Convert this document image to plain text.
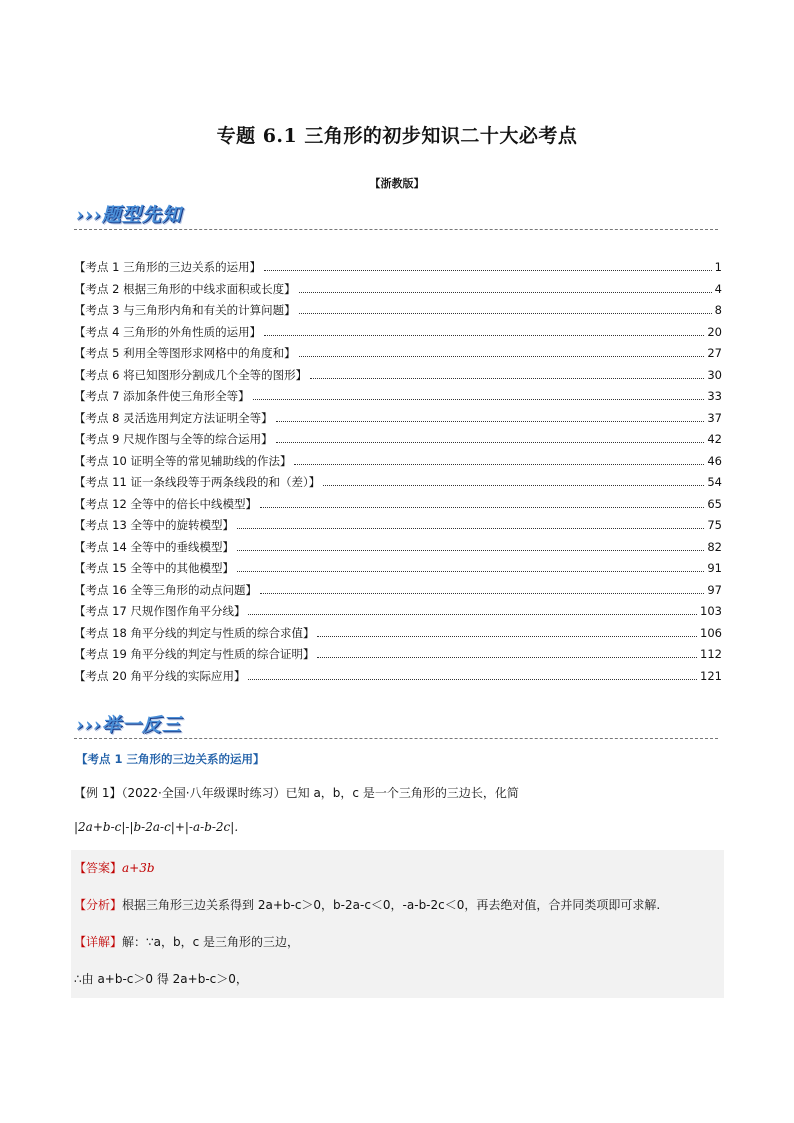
专题 6.1 三角形的初步知识二十大必考点
【浙教版】
›››题型先知
【考点 1 三角形的三边关系的运用】	1
【考点 2 根据三角形的中线求面积或长度】	4
【考点 3 与三角形内角和有关的计算问题】	8
【考点 4 三角形的外角性质的运用】	20
【考点 5 利用全等图形求网格中的角度和】	27
【考点 6 将已知图形分割成几个全等的图形】	30
【考点 7 添加条件使三角形全等】	33
【考点 8 灵活选用判定方法证明全等】	37
【考点 9 尺规作图与全等的综合运用】	42
【考点 10 证明全等的常见辅助线的作法】	46
【考点 11 证一条线段等于两条线段的和（差）】	54
【考点 12 全等中的倍长中线模型】	65
【考点 13 全等中的旋转模型】	75
【考点 14 全等中的垂线模型】	82
【考点 15 全等中的其他模型】	91
【考点 16 全等三角形的动点问题】	97
【考点 17 尺规作图作角平分线】	103
【考点 18 角平分线的判定与性质的综合求值】	106
【考点 19 角平分线的判定与性质的综合证明】	112
【考点 20 角平分线的实际应用】	121
›››举一反三
【考点 1 三角形的三边关系的运用】
【例 1】（2022·全国·八年级课时练习）已知 a，b，c 是一个三角形的三边长，化简
|2a+b-c|-|b-2a-c|+|-a-b-2c|.
【答案】a+3b
【分析】根据三角形三边关系得到 2a+b-c＞0，b-2a-c＜0，-a-b-2c＜0，再去绝对值，合并同类项即可求解.
【详解】解：∵a，b，c 是三角形的三边，
∴由 a+b-c＞0 得 2a+b-c＞0，
